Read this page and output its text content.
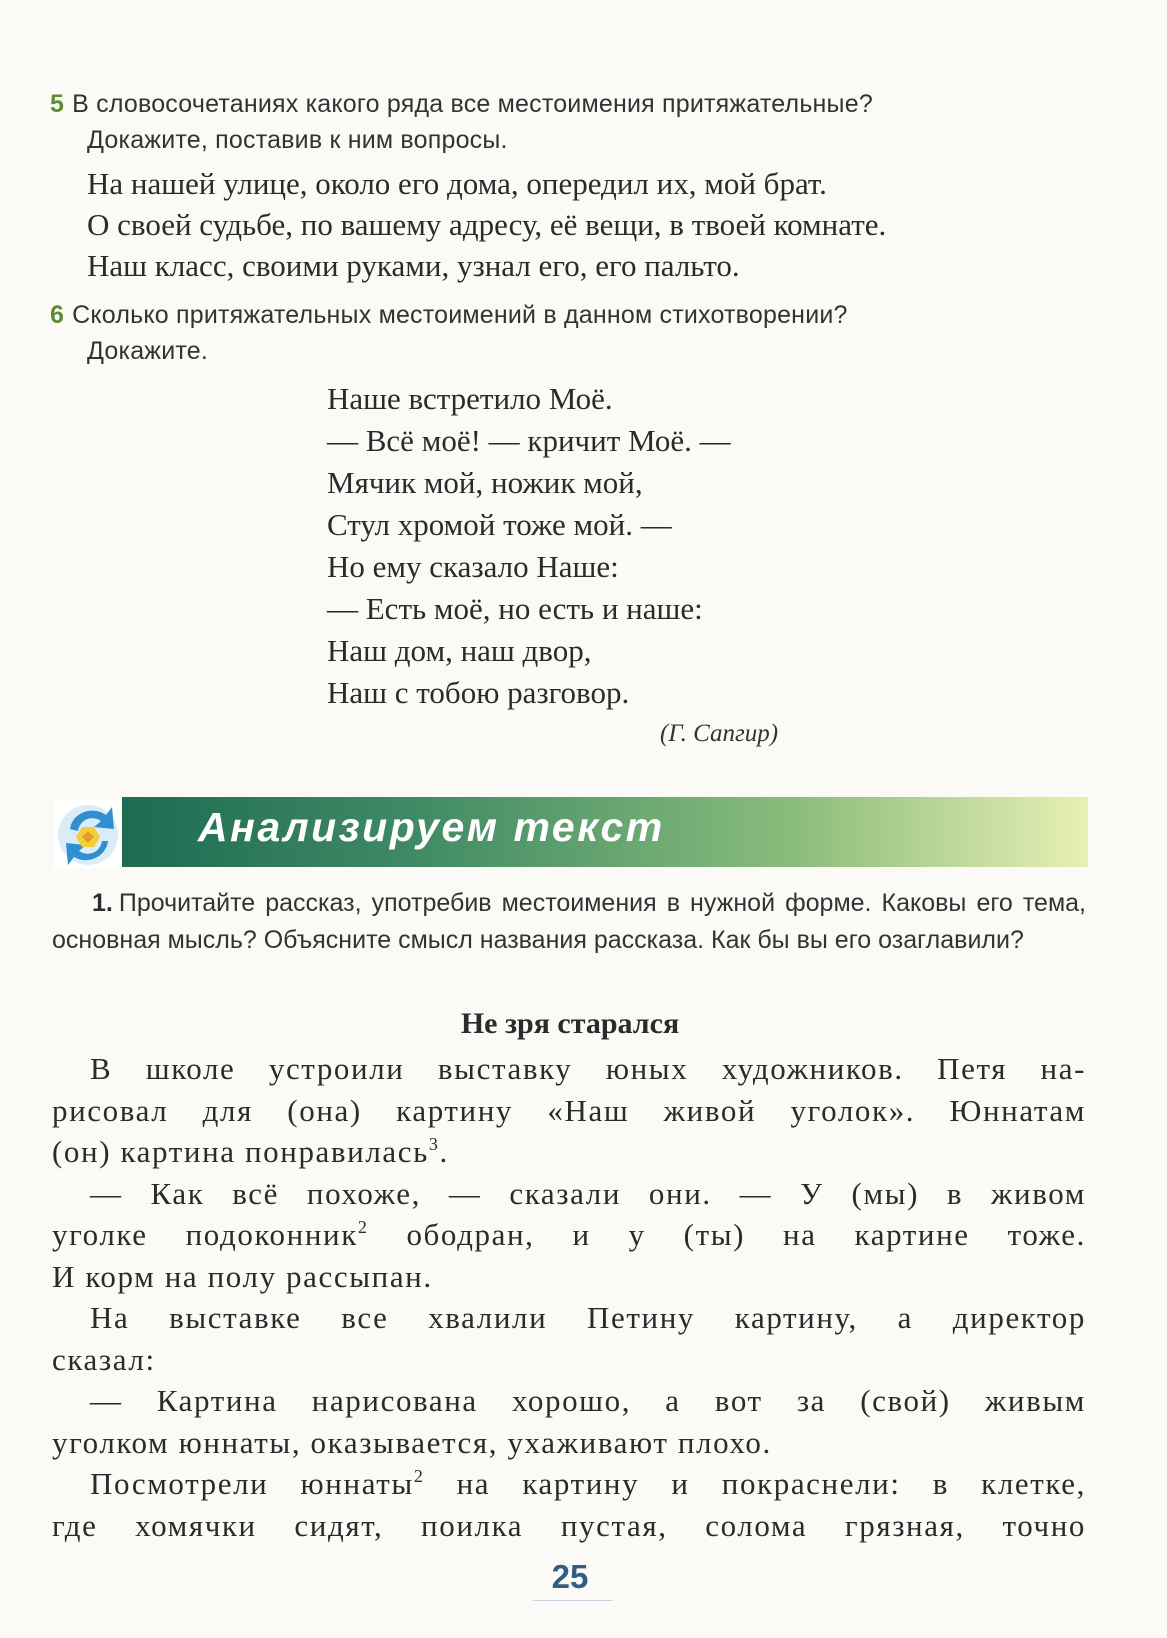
5 В словосочетаниях какого ряда все местоимения притяжательные?
Докажите, поставив к ним вопросы.
На нашей улице, около его дома, опередил их, мой брат.
О своей судьбе, по вашему адресу, её вещи, в твоей комнате.
Наш класс, своими руками, узнал его, его пальто.
6 Сколько притяжательных местоимений в данном стихотворении?
Докажите.
Наше встретило Моё.
— Всё моё! — кричит Моё. —
Мячик мой, ножик мой,
Стул хромой тоже мой. —
Но ему сказало Наше:
— Есть моё, но есть и наше:
Наш дом, наш двор,
Наш с тобою разговор.
(Г. Сапгир)
Анализируем текст
1. Прочитайте рассказ, употребив местоимения в нужной форме. Каковы его тема, основная мысль? Объясните смысл названия рассказа. Как бы вы его озаглавили?
Не зря старался
В школе устроили выставку юных художников. Петя на-
рисовал для (она) картину «Наш живой уголок». Юннатам
(он) картина понравилась$^3$.
— Как всё похоже, — сказали они. — У (мы) в живом
уголке подоконник$^2$ ободран, и у (ты) на картине тоже.
И корм на полу рассыпан.
На выставке все хвалили Петину картину, а директор
сказал:
— Картина нарисована хорошо, а вот за (свой) живым
уголком юннаты, оказывается, ухаживают плохо.
Посмотрели юннаты$^2$ на картину и покраснели: в клетке,
где хомячки сидят, поилка пустая, солома грязная, точно
25
